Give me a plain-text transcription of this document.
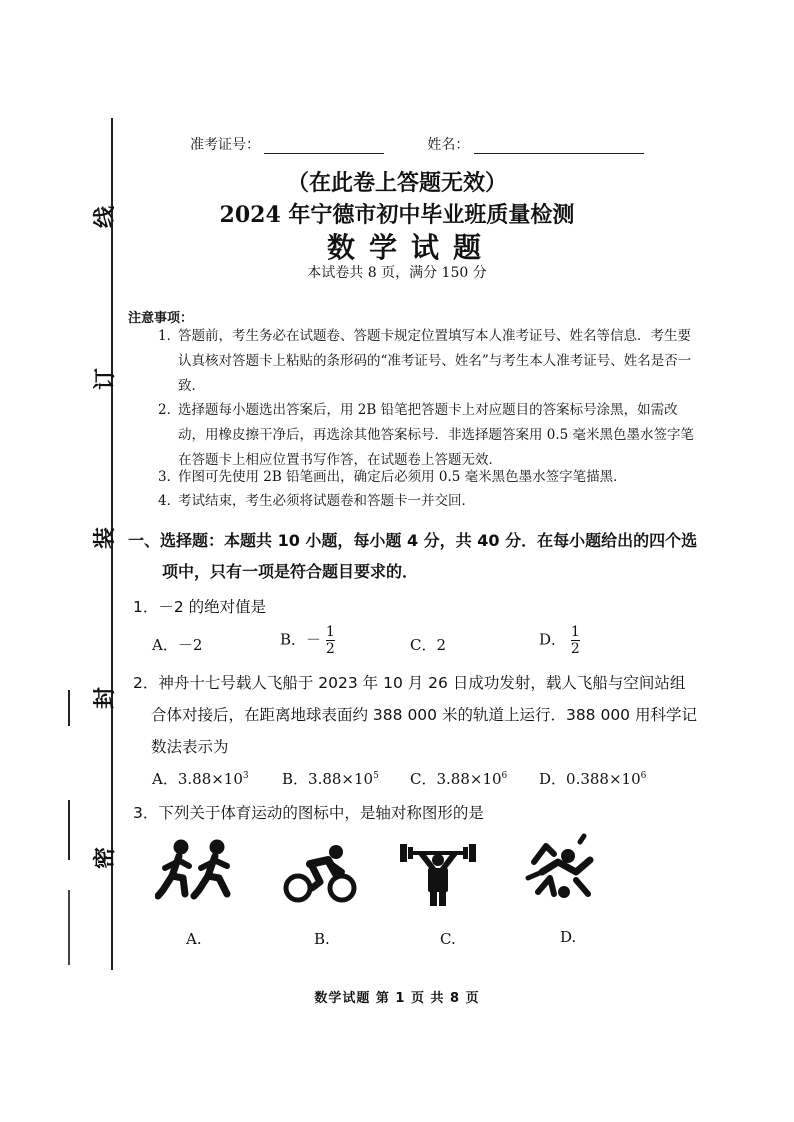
线
订
装
封
密
准考证号：	姓名：
（在此卷上答题无效）
2024 年宁德市初中毕业班质量检测
数学试题
本试卷共 8 页，满分 150 分
注意事项：
1．
答题前，考生务必在试题卷、答题卡规定位置填写本人准考证号、姓名等信息．考生要认真核对答题卡上粘贴的条形码的“准考证号、姓名”与考生本人准考证号、姓名是否一致．
2．
选择题每小题选出答案后，用 2B 铅笔把答题卡上对应题目的答案标号涂黑，如需改动，用橡皮擦干净后，再选涂其他答案标号．非选择题答案用 0.5 毫米黑色墨水签字笔在答题卡上相应位置书写作答，在试题卷上答题无效．
3．
作图可先使用 2B 铅笔画出，确定后必须用 0.5 毫米黑色墨水签字笔描黑．
4．
考试结束，考生必须将试题卷和答题卡一并交回．
一、选择题：本题共 10 小题，每小题 4 分，共 40 分．在每小题给出的四个选
项中，只有一项是符合题目要求的．
1．－2 的绝对值是
A．－2	B．－ $\frac{1}{2}$	C．2	D． $\frac{1}{2}$
2．神舟十七号载人飞船于 2023 年 10 月 26 日成功发射，载人飞船与空间站组
合体对接后，在距离地球表面约 388 000 米的轨道上运行．388 000 用科学记
数法表示为
A．$3.88\times 10^3$ B．$3.88\times 10^5$ C．$3.88\times 10^6$ D．$0.388\times 10^6$
3．下列关于体育运动的图标中，是轴对称图形的是
A.	B.	C.	D.
数学试题 第 1 页 共 8 页
